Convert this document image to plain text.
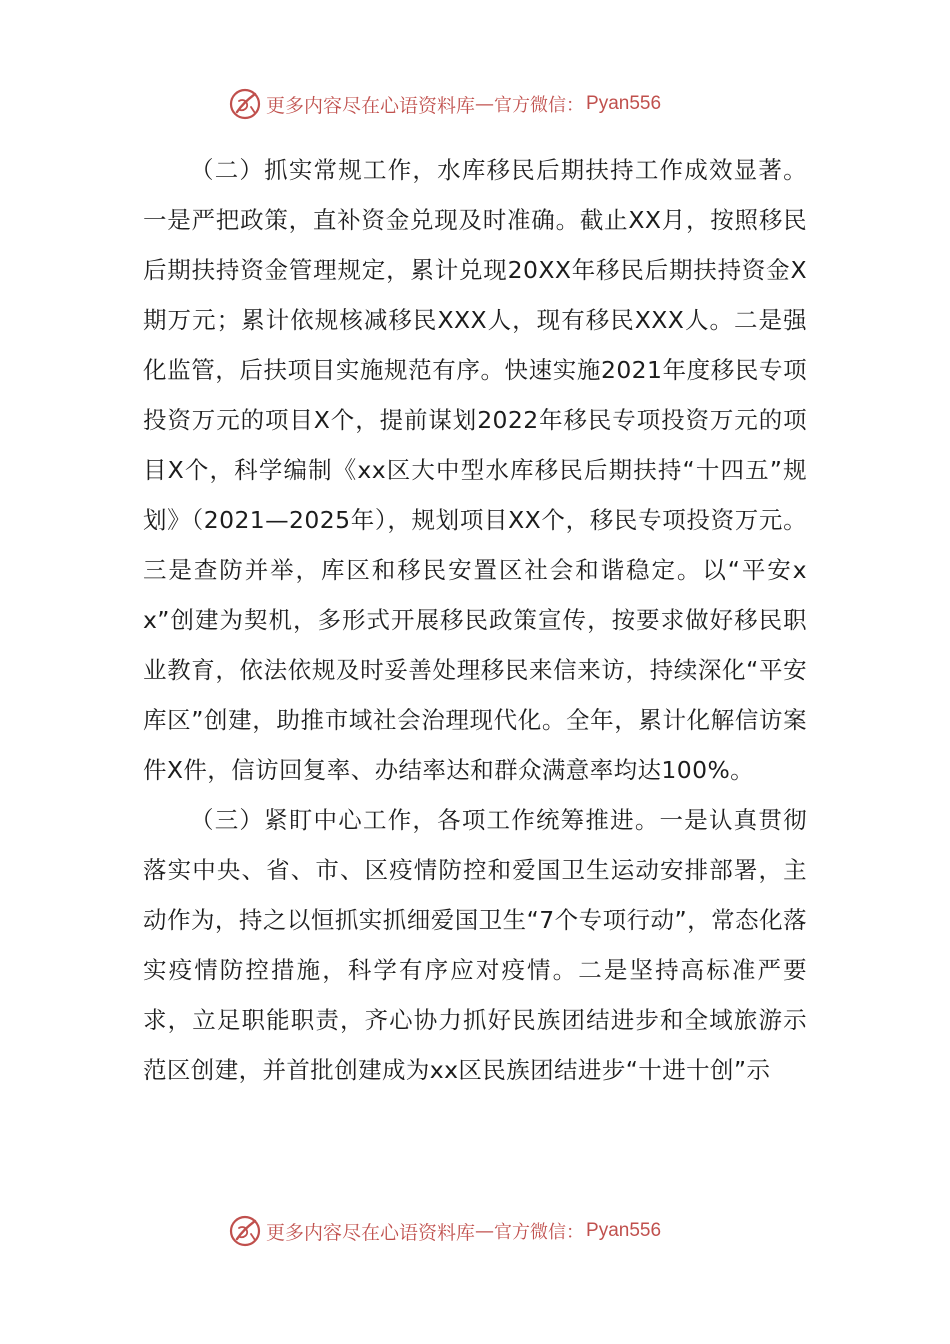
更多内容尽在心语资料库 — 官方微信： Pyan556

（二）抓实常规工作，水库移民后期扶持工作成效显著。一是严把政策，直补资金兑现及时准确。截止XX月，按照移民后期扶持资金管理规定，累计兑现20XX年移民后期扶持资金X期万元；累计依规核减移民XXX人，现有移民XXX人。二是强化监管，后扶项目实施规范有序。快速实施2021年度移民专项投资万元的项目X个，提前谋划2022年移民专项投资万元的项目X个，科学编制《xx区大中型水库移民后期扶持“十四五”规划》（2021—2025年），规划项目XX个，移民专项投资万元。三是查防并举，库区和移民安置区社会和谐稳定。以“平安xx”创建为契机，多形式开展移民政策宣传，按要求做好移民职业教育，依法依规及时妥善处理移民来信来访，持续深化“平安库区”创建，助推市域社会治理现代化。全年，累计化解信访案件X件，信访回复率、办结率达和群众满意率均达100%。

（三）紧盯中心工作，各项工作统筹推进。一是认真贯彻落实中央、省、市、区疫情防控和爱国卫生运动安排部署，主动作为，持之以恒抓实抓细爱国卫生“7个专项行动”，常态化落实疫情防控措施，科学有序应对疫情。二是坚持高标准严要求，立足职能职责，齐心协力抓好民族团结进步和全域旅游示范区创建，并首批创建成为xx区民族团结进步“十进十创”示

更多内容尽在心语资料库 — 官方微信： Pyan556
